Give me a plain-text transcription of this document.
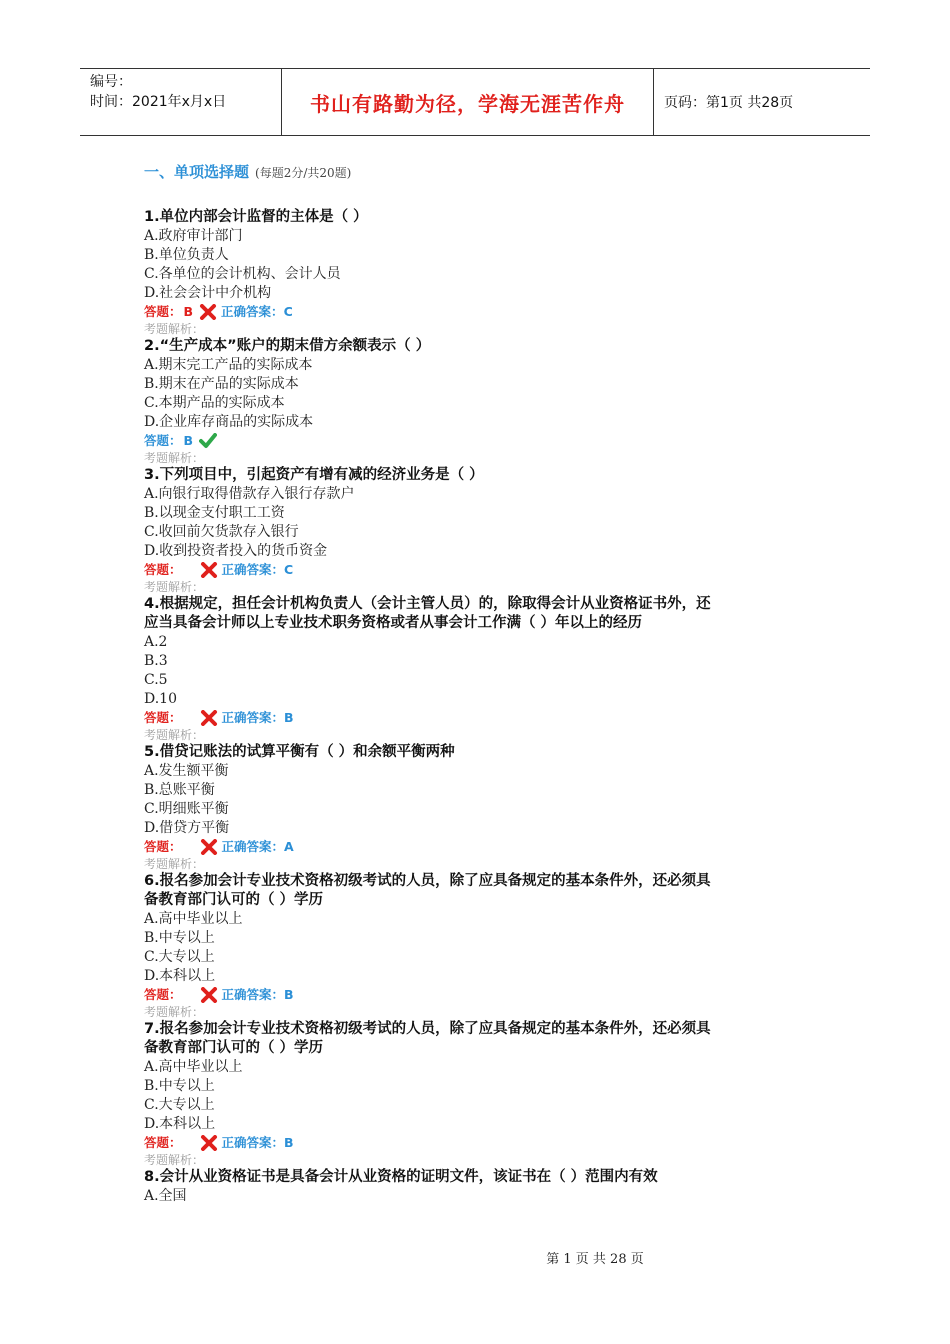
编号：
时间：2021年x月x日	书山有路勤为径，学海无涯苦作舟	页码：第1页 共28页
一、单项选择题 (每题2分/共20题)
1.单位内部会计监督的主体是（ ）
A.政府审计部门
B.单位负责人
C.各单位的会计机构、会计人员
D.社会会计中介机构
答题： B 正确答案： C
考题解析：
2.“生产成本”账户的期末借方余额表示（ ）
A.期末完工产品的实际成本
B.期末在产品的实际成本
C.本期产品的实际成本
D.企业库存商品的实际成本
答题： B
考题解析：
3.下列项目中，引起资产有增有减的经济业务是（ ）
A.向银行取得借款存入银行存款户
B.以现金支付职工工资
C.收回前欠货款存入银行
D.收到投资者投入的货币资金
答题：	正确答案： C
考题解析：
4.根据规定，担任会计机构负责人（会计主管人员）的，除取得会计从业资格证书外，还
应当具备会计师以上专业技术职务资格或者从事会计工作满（ ）年以上的经历
A.2
B.3
C.5
D.10
答题：	正确答案： B
考题解析：
5.借贷记账法的试算平衡有（ ）和余额平衡两种
A.发生额平衡
B.总账平衡
C.明细账平衡
D.借贷方平衡
答题：	正确答案： A
考题解析：
6.报名参加会计专业技术资格初级考试的人员，除了应具备规定的基本条件外，还必须具
备教育部门认可的（ ）学历
A.高中毕业以上
B.中专以上
C.大专以上
D.本科以上
答题：	正确答案： B
考题解析：
7.报名参加会计专业技术资格初级考试的人员，除了应具备规定的基本条件外，还必须具
备教育部门认可的（ ）学历
A.高中毕业以上
B.中专以上
C.大专以上
D.本科以上
答题：	正确答案： B
考题解析：
8.会计从业资格证书是具备会计从业资格的证明文件，该证书在（ ）范围内有效
A.全国
第 1 页 共 28 页
